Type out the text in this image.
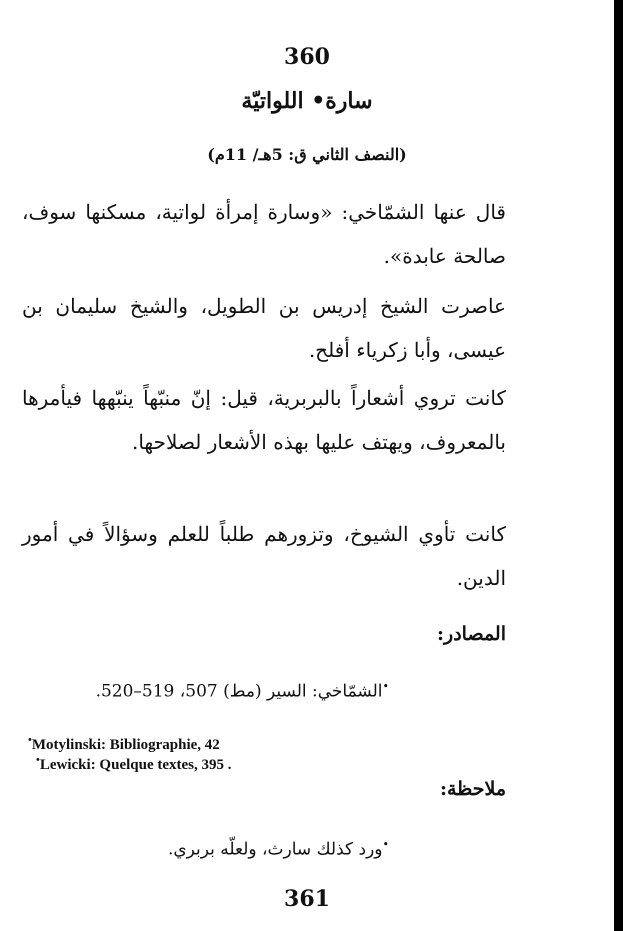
360
سارة• اللواتيّة
(النصف الثاني ق: 5هـ/ 11م)
قال عنها الشمّاخي: «وسارة إمرأة لواتية، مسكنها سوف، صالحة عابدة».
عاصرت الشيخ إدريس بن الطويل، والشيخ سليمان بن عيسى، وأبا زكرياء أفلح.
كانت تروي أشعاراً بالبربرية، قيل: إنّ منبّهاً ينبّهها فيأمرها بالمعروف، ويهتف عليها بهذه الأشعار لصلاحها.
كانت تأوي الشيوخ، وتزورهم طلباً للعلم وسؤالاً في أمور الدين.
المصادر:
•الشمّاخي: السير (مط) 507، 519–520.
•Motylinski: Bibliographie, 42
•Lewicki: Quelque textes, 395 .
ملاحظة:
•ورد كذلك سارث، ولعلّه بربري.
361
